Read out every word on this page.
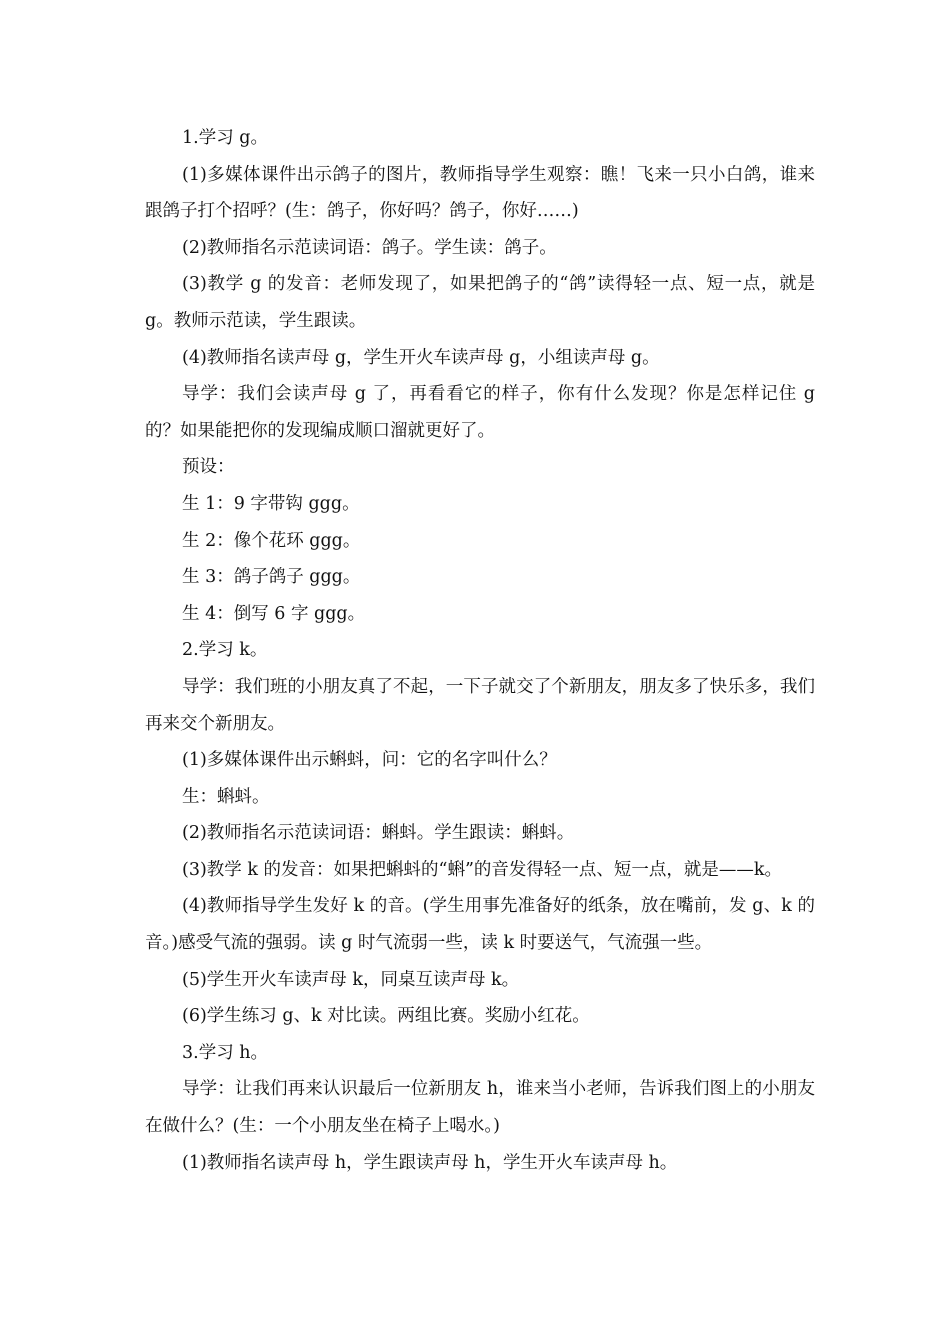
1.学习 g。

(1)多媒体课件出示鸽子的图片，教师指导学生观察：瞧！飞来一只小白鸽，谁来跟鸽子打个招呼？(生：鸽子，你好吗？鸽子，你好……)

(2)教师指名示范读词语：鸽子。学生读：鸽子。

(3)教学 g 的发音：老师发现了，如果把鸽子的“鸽”读得轻一点、短一点，就是 g。教师示范读，学生跟读。

(4)教师指名读声母 g，学生开火车读声母 g，小组读声母 g。

导学：我们会读声母 g 了，再看看它的样子，你有什么发现？你是怎样记住 g 的？如果能把你的发现编成顺口溜就更好了。

预设：

生 1：9 字带钩 ggg。

生 2：像个花环 ggg。

生 3：鸽子鸽子 ggg。

生 4：倒写 6 字 ggg。

2.学习 k。

导学：我们班的小朋友真了不起，一下子就交了个新朋友，朋友多了快乐多，我们再来交个新朋友。

(1)多媒体课件出示蝌蚪，问：它的名字叫什么？

生：蝌蚪。

(2)教师指名示范读词语：蝌蚪。学生跟读：蝌蚪。

(3)教学 k 的发音：如果把蝌蚪的“蝌”的音发得轻一点、短一点，就是——k。

(4)教师指导学生发好 k 的音。(学生用事先准备好的纸条，放在嘴前，发 g、k 的音。)感受气流的强弱。读 g 时气流弱一些，读 k 时要送气，气流强一些。

(5)学生开火车读声母 k，同桌互读声母 k。

(6)学生练习 g、k 对比读。两组比赛。奖励小红花。

3.学习 h。

导学：让我们再来认识最后一位新朋友 h，谁来当小老师，告诉我们图上的小朋友在做什么？(生：一个小朋友坐在椅子上喝水。)

(1)教师指名读声母 h，学生跟读声母 h，学生开火车读声母 h。
